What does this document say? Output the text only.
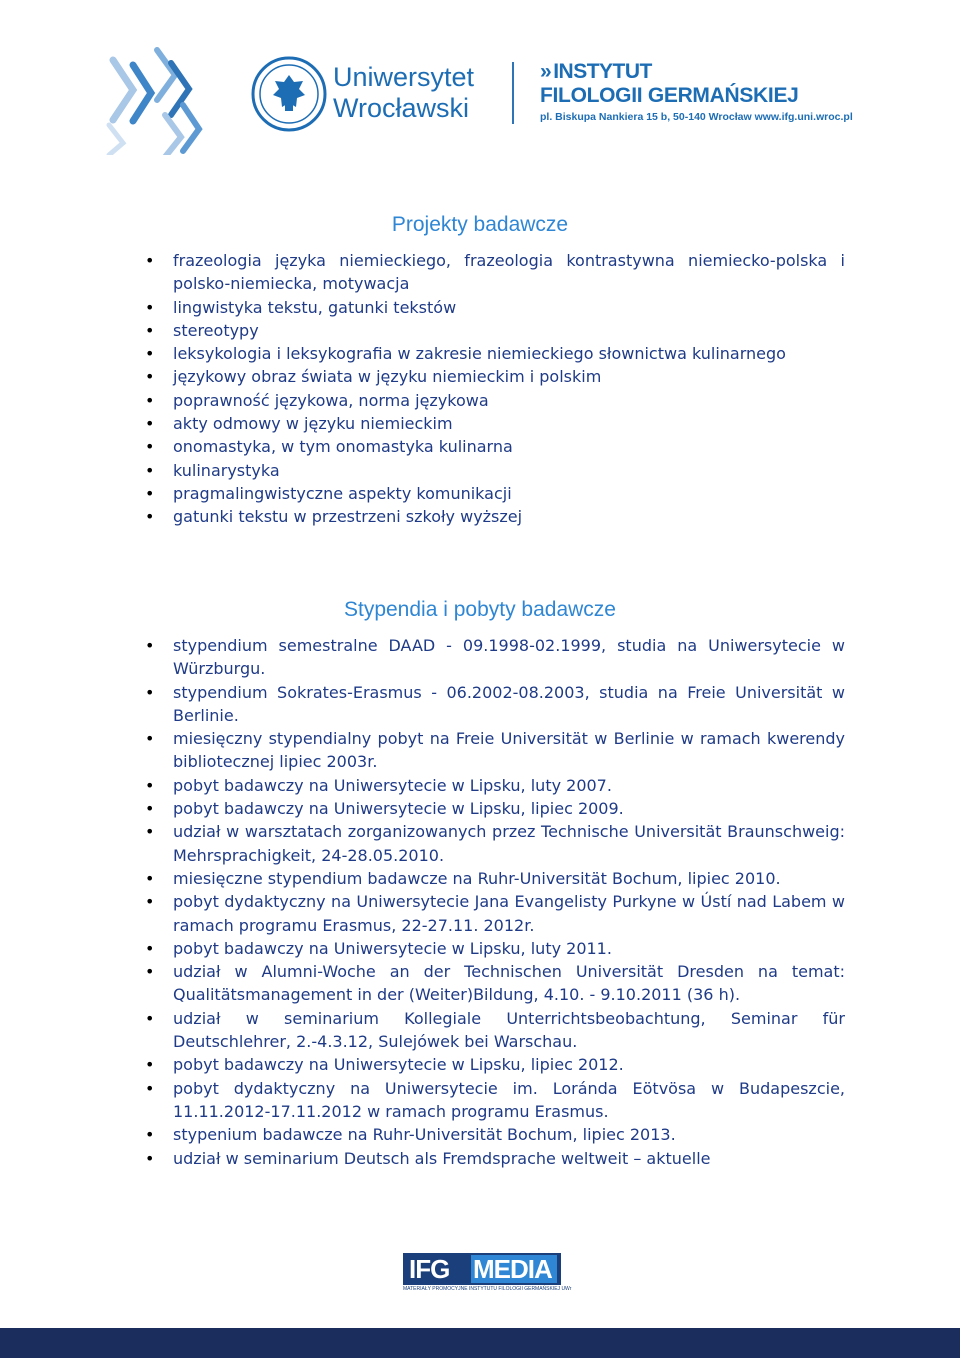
Uniwersytet
Wrocławski
»INSTYTUT
FILOLOGII GERMAŃSKIEJ
pl. Biskupa Nankiera 15 b, 50-140 Wrocław www.ifg.uni.wroc.pl
Projekty badawcze
• frazeologia języka niemieckiego, frazeologia kontrastywna niemiecko-polska i polsko-niemiecka, motywacja
• lingwistyka tekstu, gatunki tekstów
• stereotypy
• leksykologia i leksykografia w zakresie niemieckiego słownictwa kulinarnego
• językowy obraz świata w języku niemieckim i polskim
• poprawność językowa, norma językowa
• akty odmowy w języku niemieckim
• onomastyka, w tym onomastyka kulinarna
• kulinarystyka
• pragmalingwistyczne aspekty komunikacji
• gatunki tekstu w przestrzeni szkoły wyższej
Stypendia i pobyty badawcze
• stypendium semestralne DAAD - 09.1998-02.1999, studia na Uniwersytecie w Würzburgu.
• stypendium Sokrates-Erasmus - 06.2002-08.2003, studia na Freie Universität w Berlinie.
• miesięczny stypendialny pobyt na Freie Universität w Berlinie w ramach kwerendy bibliotecznej lipiec 2003r.
• pobyt badawczy na Uniwersytecie w Lipsku, luty 2007.
• pobyt badawczy na Uniwersytecie w Lipsku, lipiec 2009.
• udział w warsztatach zorganizowanych przez Technische Universität Braunschweig: Mehrsprachigkeit, 24-28.05.2010.
• miesięczne stypendium badawcze na Ruhr-Universität Bochum, lipiec 2010.
• pobyt dydaktyczny na Uniwersytecie Jana Evangelisty Purkyne w Ústí nad Labem w ramach programu Erasmus, 22-27.11. 2012r.
• pobyt badawczy na Uniwersytecie w Lipsku, luty 2011.
• udział w Alumni-Woche an der Technischen Universität Dresden na temat: Qualitätsmanagement in der (Weiter)Bildung, 4.10. - 9.10.2011 (36 h).
• udział w seminarium Kollegiale Unterrichtsbeobachtung, Seminar für Deutschlehrer, 2.-4.3.12, Sulejówek bei Warschau.
• pobyt badawczy na Uniwersytecie w Lipsku, lipiec 2012.
• pobyt dydaktyczny na Uniwersytecie im. Loránda Eötvösa w Budapeszcie, 11.11.2012-17.11.2012 w ramach programu Erasmus.
• stypenium badawcze na Ruhr-Universität Bochum, lipiec 2013.
• udział w seminarium Deutsch als Fremdsprache weltweit – aktuelle
IFG MEDIA
MATERIAŁY PROMOCYJNE INSTYTUTU FILOLOGII GERMAŃSKIEJ UWr
